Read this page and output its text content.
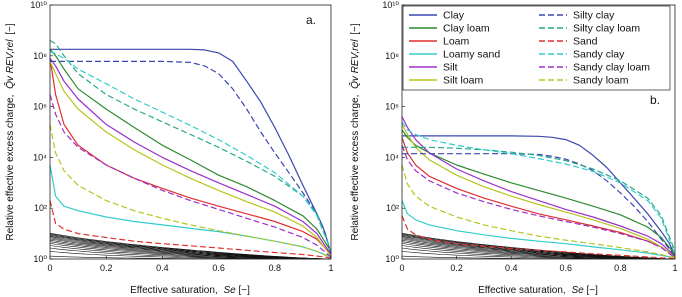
0	0.2	0.4	0.6	0.8	1
10⁰
10²
10⁴
10⁶
10⁸
10¹⁰
a.
Effective saturation, Se [−]
Relative effective excess charge, Q̂v REV,rel [−]
0	0.2	0.4	0.6	0.8	1
10⁰
10²
10⁴
10⁶
10⁸
10¹⁰
b.
Effective saturation, Se [−]
Relative effective excess charge, Q̂v REV,rel [−]
Clay
Clay loam
Loam
Loamy sand
Silt
Silt loam
Silty clay
Silty clay loam
Sand
Sandy clay
Sandy clay loam
Sandy loam
